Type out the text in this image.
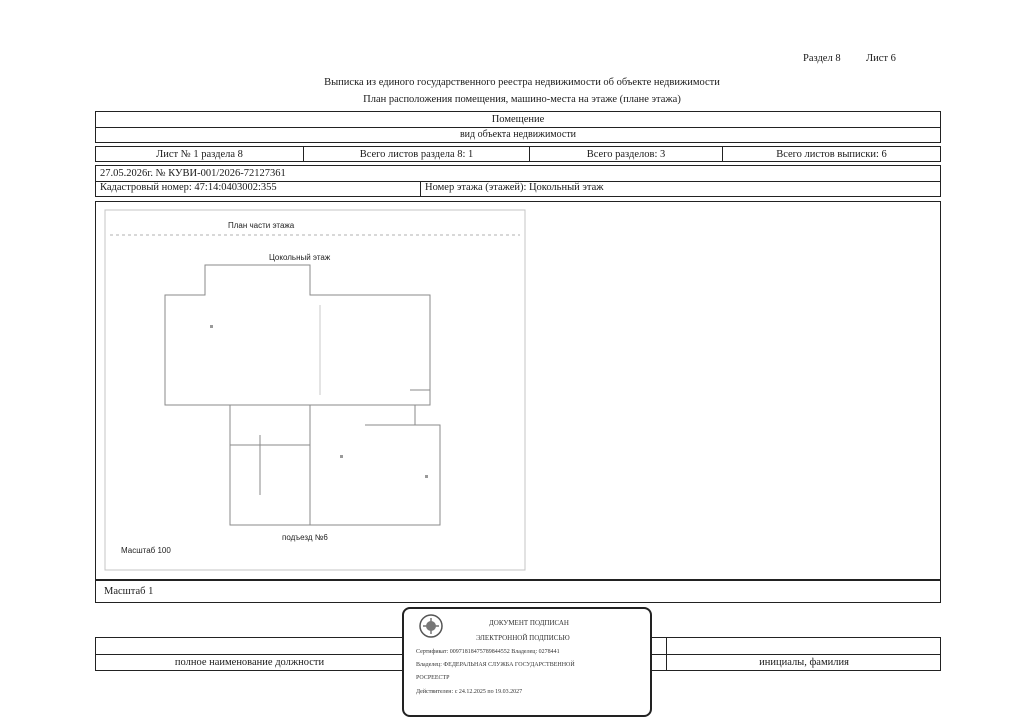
Раздел 8 Лист 6
Выписка из единого государственного реестра недвижимости об объекте недвижимости
План расположения помещения, машино-места на этаже (плане этажа)
Помещение
вид объекта недвижимости
Лист № 1 раздела 8	Всего листов раздела 8: 1	Всего разделов: 3	Всего листов выписки: 6
27.05.2026г. № КУВИ-001/2026-72127361
Кадастровый номер: 47:14:0403002:355	Номер этажа (этажей): Цокольный этаж
План части этажа
Цокольный этаж
подъезд №6
Масштаб 100
Масштаб 1
полное наименование должности	инициалы, фамилия
ДОКУМЕНТ ПОДПИСАН
ЭЛЕКТРОННОЙ ПОДПИСЬЮ
Сертификат: 00971818475789844552 Владелец: 0278441
Владелец: ФЕДЕРАЛЬНАЯ СЛУЖБА ГОСУДАРСТВЕННОЙ
РОСРЕЕСТР
Действителен: с 24.12.2025 по 19.03.2027
